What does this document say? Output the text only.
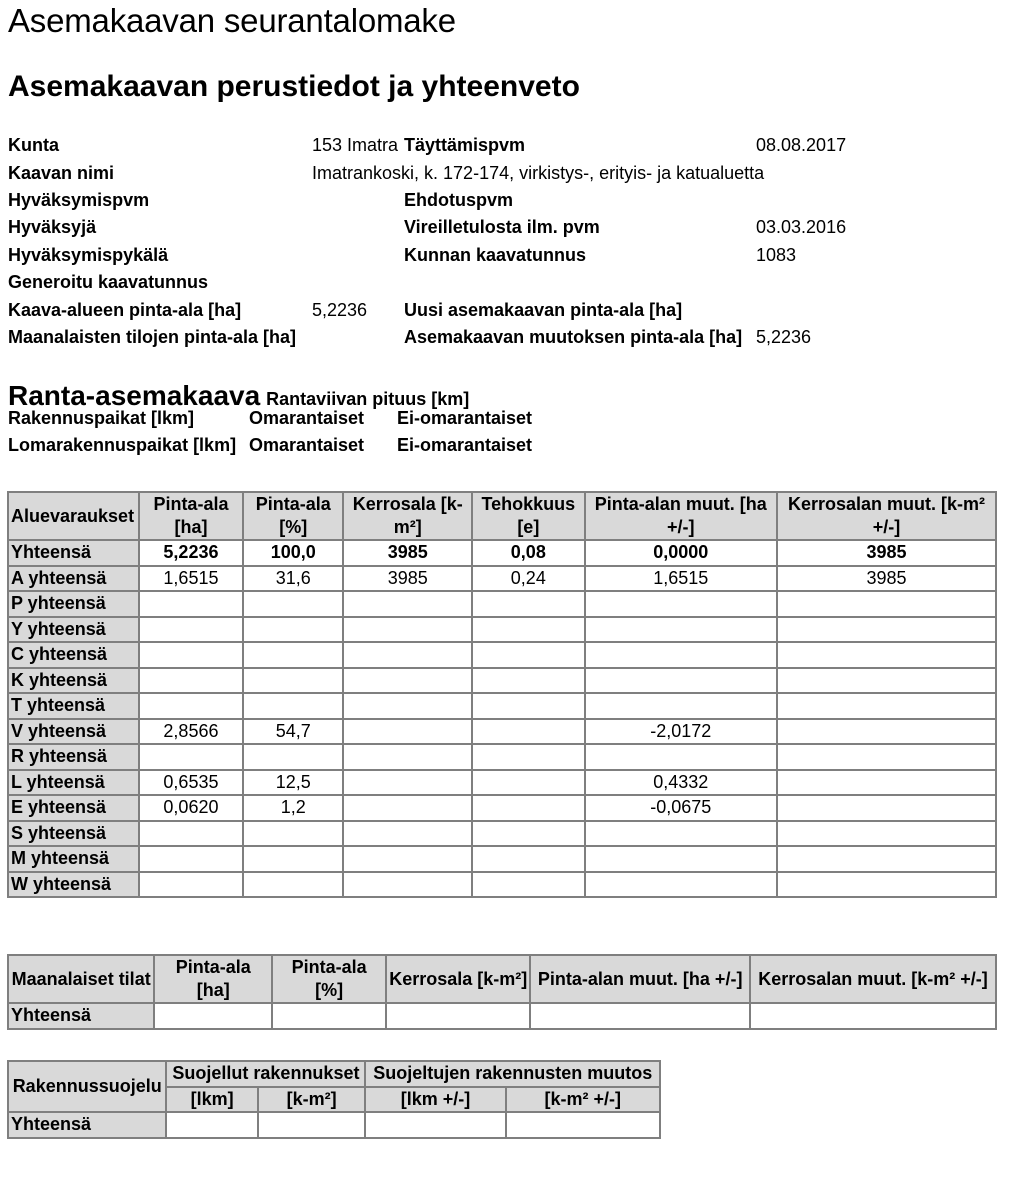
Asemakaavan seurantalomake
Asemakaavan perustiedot ja yhteenveto
Kunta	153 Imatra	Täyttämispvm	08.08.2017
Kaavan nimi	Imatrankoski, k. 172-174, virkistys-, erityis- ja katualuetta		
Hyväksymispvm		Ehdotuspvm	
Hyväksyjä		Vireilletulosta ilm. pvm	03.03.2016
Hyväksymispykälä		Kunnan kaavatunnus	1083
Generoitu kaavatunnus			
Kaava-alueen pinta-ala [ha]	5,2236	Uusi asemakaavan pinta-ala [ha]	
Maanalaisten tilojen pinta-ala [ha]		Asemakaavan muutoksen pinta-ala [ha]	5,2236
Ranta-asemakaava Rantaviivan pituus [km]
Rakennuspaikat [lkm]	Omarantaiset	Ei-omarantaiset
Lomarakennuspaikat [lkm] Omarantaiset	Ei-omarantaiset
Aluevaraukset	Pinta-ala [ha]	Pinta-ala [%]	Kerrosala [k-m²]	Tehokkuus [e]	Pinta-alan muut. [ha +/-]	Kerrosalan muut. [k-m² +/-]
Yhteensä	5,2236	100,0	3985	0,08	0,0000	3985
A yhteensä	1,6515	31,6	3985	0,24	1,6515	3985
P yhteensä						
Y yhteensä						
C yhteensä						
K yhteensä						
T yhteensä						
V yhteensä	2,8566	54,7			-2,0172	
R yhteensä						
L yhteensä	0,6535	12,5			0,4332	
E yhteensä	0,0620	1,2			-0,0675	
S yhteensä						
M yhteensä						
W yhteensä						
Maanalaiset tilat	Pinta-ala [ha]	Pinta-ala [%]	Kerrosala [k-m²]	Pinta-alan muut. [ha +/-]	Kerrosalan muut. [k-m² +/-]
Yhteensä					
Rakennussuojelu	Suojellut rakennukset		Suojeltujen rakennusten muutos	
	[lkm]	[k-m²]	[lkm +/-]	[k-m² +/-]
Yhteensä				
